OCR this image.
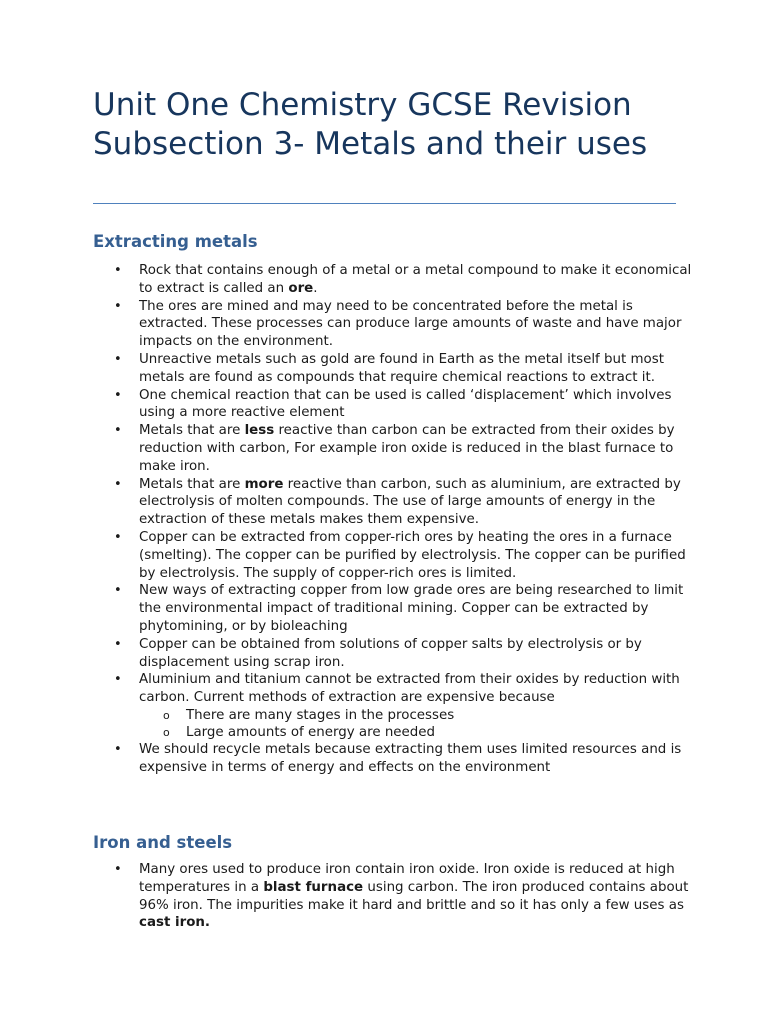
Unit One Chemistry GCSE Revision Subsection 3- Metals and their uses
Extracting metals
• Rock that contains enough of a metal or a metal compound to make it economical to extract is called an ore.
• The ores are mined and may need to be concentrated before the metal is extracted. These processes can produce large amounts of waste and have major impacts on the environment.
• Unreactive metals such as gold are found in Earth as the metal itself but most metals are found as compounds that require chemical reactions to extract it.
• One chemical reaction that can be used is called ‘displacement’ which involves using a more reactive element
• Metals that are less reactive than carbon can be extracted from their oxides by reduction with carbon, For example iron oxide is reduced in the blast furnace to make iron.
• Metals that are more reactive than carbon, such as aluminium, are extracted by electrolysis of molten compounds. The use of large amounts of energy in the extraction of these metals makes them expensive.
• Copper can be extracted from copper-rich ores by heating the ores in a furnace (smelting). The copper can be purified by electrolysis. The copper can be purified by electrolysis. The supply of copper-rich ores is limited.
• New ways of extracting copper from low grade ores are being researched to limit the environmental impact of traditional mining. Copper can be extracted by phytomining, or by bioleaching
• Copper can be obtained from solutions of copper salts by electrolysis or by displacement using scrap iron.
• Aluminium and titanium cannot be extracted from their oxides by reduction with carbon. Current methods of extraction are expensive because
o There are many stages in the processes
o Large amounts of energy are needed
• We should recycle metals because extracting them uses limited resources and is expensive in terms of energy and effects on the environment
Iron and steels
• Many ores used to produce iron contain iron oxide. Iron oxide is reduced at high temperatures in a blast furnace using carbon. The iron produced contains about 96% iron. The impurities make it hard and brittle and so it has only a few uses as cast iron.
